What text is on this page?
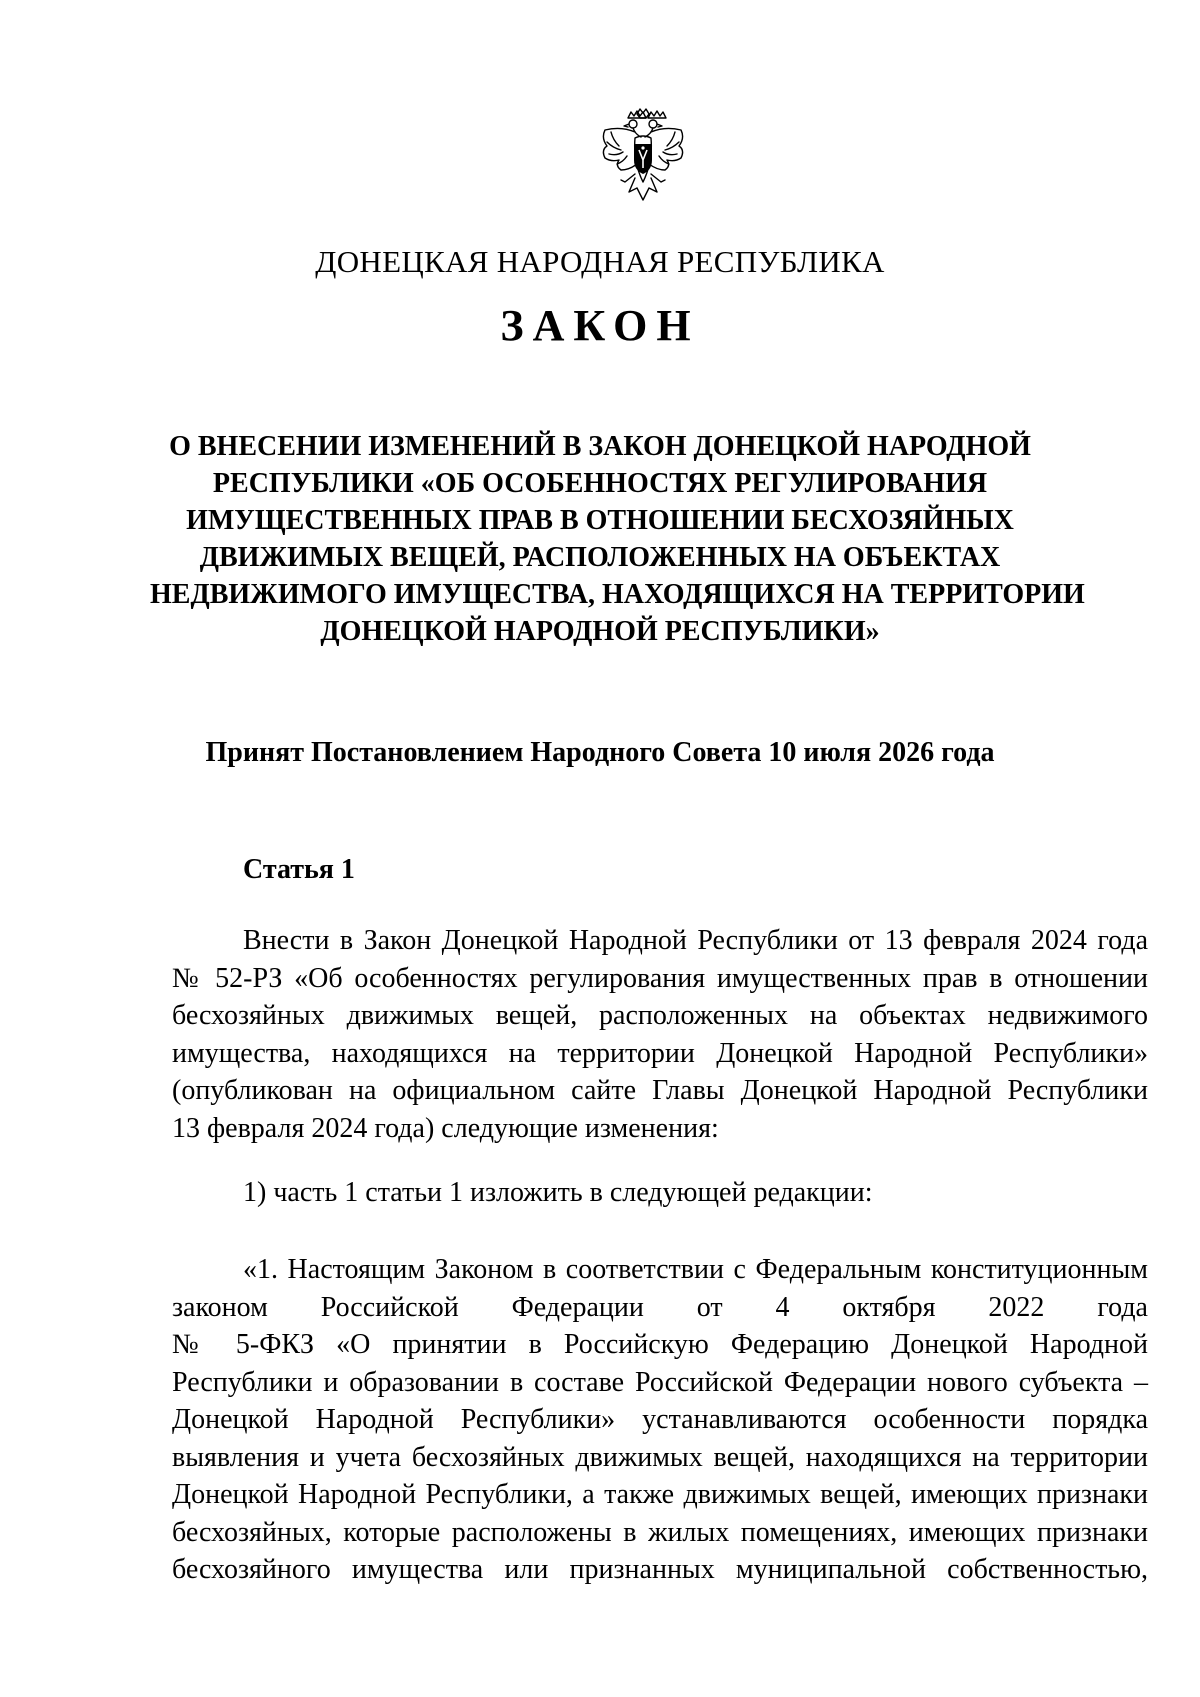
ДОНЕЦКАЯ НАРОДНАЯ РЕСПУБЛИКА
ЗАКОН
О ВНЕСЕНИИ ИЗМЕНЕНИЙ В ЗАКОН ДОНЕЦКОЙ НАРОДНОЙ
РЕСПУБЛИКИ «ОБ ОСОБЕННОСТЯХ РЕГУЛИРОВАНИЯ
ИМУЩЕСТВЕННЫХ ПРАВ В ОТНОШЕНИИ БЕСХОЗЯЙНЫХ
ДВИЖИМЫХ ВЕЩЕЙ, РАСПОЛОЖЕННЫХ НА ОБЪЕКТАХ
НЕДВИЖИМОГО ИМУЩЕСТВА, НАХОДЯЩИХСЯ НА ТЕРРИТОРИИ
ДОНЕЦКОЙ НАРОДНОЙ РЕСПУБЛИКИ»
Принят Постановлением Народного Совета 10 июля 2026 года
Статья 1
Внести в Закон Донецкой Народной Республики от 13 февраля 2024 года
№ 52-РЗ «Об особенностях регулирования имущественных прав в отношении
бесхозяйных движимых вещей, расположенных на объектах недвижимого
имущества, находящихся на территории Донецкой Народной Республики»
(опубликован на официальном сайте Главы Донецкой Народной Республики
13 февраля 2024 года) следующие изменения:
1) часть 1 статьи 1 изложить в следующей редакции:
«1. Настоящим Законом в соответствии с Федеральным конституционным
законом Российской Федерации от 4 октября 2022 года
№ 5-ФКЗ «О принятии в Российскую Федерацию Донецкой Народной
Республики и образовании в составе Российской Федерации нового субъекта –
Донецкой Народной Республики» устанавливаются особенности порядка
выявления и учета бесхозяйных движимых вещей, находящихся на территории
Донецкой Народной Республики, а также движимых вещей, имеющих признаки
бесхозяйных, которые расположены в жилых помещениях, имеющих признаки
бесхозяйного имущества или признанных муниципальной собственностью,
